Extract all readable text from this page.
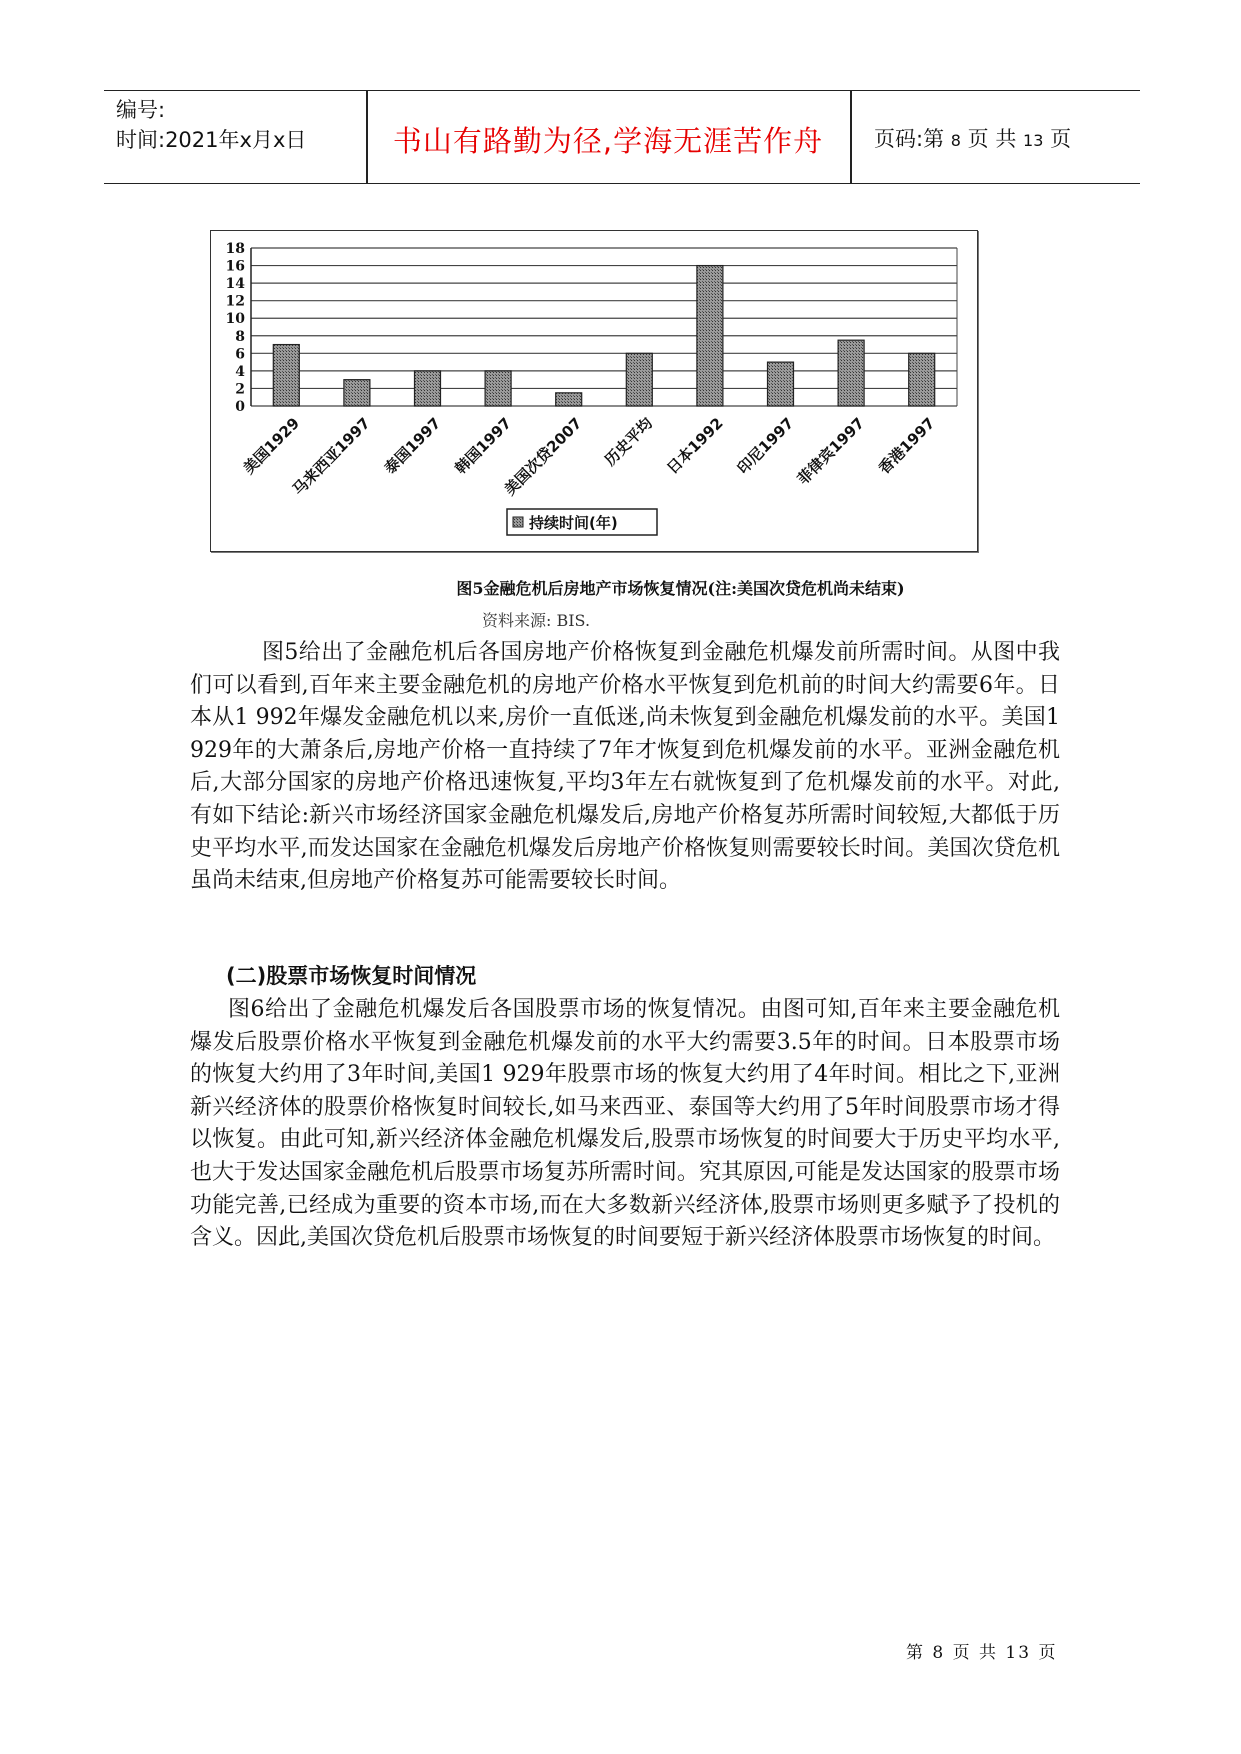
编号:
时间:2021年x月x日	书山有路勤为径,学海无涯苦作舟	页码:第 8 页 共 13 页
0
2
4
6
8
10
12
14
16
18
美国1929
马来西亚1997 泰国1997 韩国1997
美国次贷2007 历史平均 日本1992 印尼1997
菲律宾1997 香港1997
持续时间(年)
图5金融危机后房地产市场恢复情况(注:美国次贷危机尚未结束)
资料来源: BIS.
图5给出了金融危机后各国房地产价格恢复到金融危机爆发前所需时间。从图中我们可以看到,百年来主要金融危机的房地产价格水平恢复到危机前的时间大约需要6年。日本从1 992年爆发金融危机以来,房价一直低迷,尚未恢复到金融危机爆发前的水平。美国1 929年的大萧条后,房地产价格一直持续了7年才恢复到危机爆发前的水平。亚洲金融危机后,大部分国家的房地产价格迅速恢复,平均3年左右就恢复到了危机爆发前的水平。对此,有如下结论:新兴市场经济国家金融危机爆发后,房地产价格复苏所需时间较短,大都低于历史平均水平,而发达国家在金融危机爆发后房地产价格恢复则需要较长时间。美国次贷危机虽尚未结束,但房地产价格复苏可能需要较长时间。
(二)股票市场恢复时间情况
图6给出了金融危机爆发后各国股票市场的恢复情况。由图可知,百年来主要金融危机爆发后股票价格水平恢复到金融危机爆发前的水平大约需要3.5年的时间。日本股票市场的恢复大约用了3年时间,美国1 929年股票市场的恢复大约用了4年时间。相比之下,亚洲新兴经济体的股票价格恢复时间较长,如马来西亚、泰国等大约用了5年时间股票市场才得以恢复。由此可知,新兴经济体金融危机爆发后,股票市场恢复的时间要大于历史平均水平,也大于发达国家金融危机后股票市场复苏所需时间。究其原因,可能是发达国家的股票市场功能完善,已经成为重要的资本市场,而在大多数新兴经济体,股票市场则更多赋予了投机的含义。因此,美国次贷危机后股票市场恢复的时间要短于新兴经济体股票市场恢复的时间。
第 8 页 共 13 页
